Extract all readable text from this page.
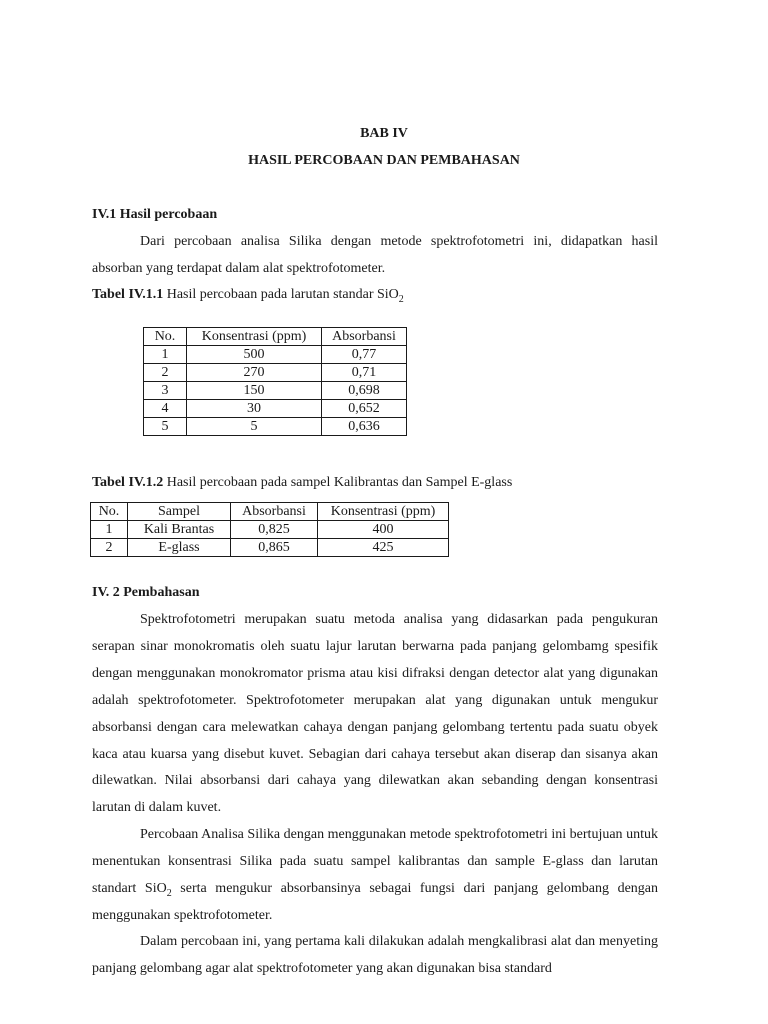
BAB IV
HASIL PERCOBAAN DAN PEMBAHASAN
IV.1 Hasil percobaan
Dari percobaan analisa Silika dengan metode spektrofotometri ini, didapatkan hasil absorban yang terdapat dalam alat spektrofotometer.
Tabel IV.1.1 Hasil percobaan pada larutan standar SiO$_2$
No.	Konsentrasi (ppm)	Absorbansi
1	500	0,77
2	270	0,71
3	150	0,698
4	30	0,652
5	5	0,636
Tabel IV.1.2 Hasil percobaan pada sampel Kalibrantas dan Sampel E-glass
No.	Sampel	Absorbansi	Konsentrasi (ppm)
1	Kali Brantas	0,825	400
2	E-glass	0,865	425
IV. 2 Pembahasan
Spektrofotometri merupakan suatu metoda analisa yang didasarkan pada pengukuran serapan sinar monokromatis oleh suatu lajur larutan berwarna pada panjang gelombamg spesifik dengan menggunakan monokromator prisma atau kisi difraksi dengan detector alat yang digunakan adalah spektrofotometer. Spektrofotometer merupakan alat yang digunakan untuk mengukur absorbansi dengan cara melewatkan cahaya dengan panjang gelombang tertentu pada suatu obyek kaca atau kuarsa yang disebut kuvet. Sebagian dari cahaya tersebut akan diserap dan sisanya akan dilewatkan. Nilai absorbansi dari cahaya yang dilewatkan akan sebanding dengan konsentrasi larutan di dalam kuvet.
Percobaan Analisa Silika dengan menggunakan metode spektrofotometri ini bertujuan untuk menentukan konsentrasi Silika pada suatu sampel kalibrantas dan sample E-glass dan larutan standart SiO$_2$ serta mengukur absorbansinya sebagai fungsi dari panjang gelombang dengan menggunakan spektrofotometer.
Dalam percobaan ini, yang pertama kali dilakukan adalah mengkalibrasi alat dan menyeting panjang gelombang agar alat spektrofotometer yang akan digunakan bisa standard
